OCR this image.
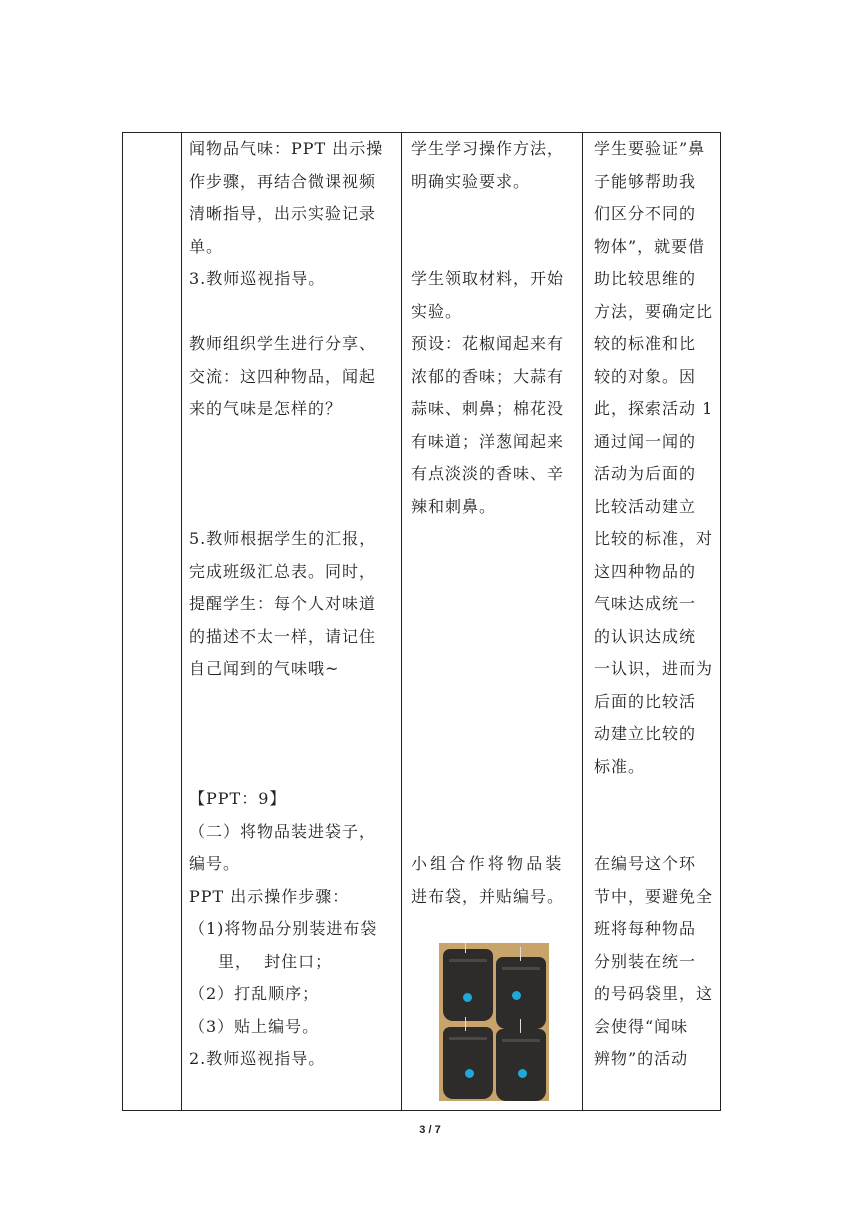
闻物品气味：PPT 出示操

作步骤，再结合微课视频

清晰指导，出示实验记录

单。

3.教师巡视指导。

教师组织学生进行分享、

交流：这四种物品，闻起

来的气味是怎样的？

5.教师根据学生的汇报，

完成班级汇总表。同时，

提醒学生：每个人对味道

的描述不太一样，请记住

自己闻到的气味哦~

【PPT：9】

（二）将物品装进袋子，

编号。

PPT 出示操作步骤：

（1)将物品分别装进布袋

里，  封住口；

（2）打乱顺序；

（3）贴上编号。

2.教师巡视指导。

学生学习操作方法，

明确实验要求。

学生领取材料，开始

实验。

预设：花椒闻起来有

浓郁的香味；大蒜有

蒜味、刺鼻；棉花没

有味道；洋葱闻起来

有点淡淡的香味、辛

辣和刺鼻。

小组合作将物品装

进布袋，并贴编号。

学生要验证”鼻

子能够帮助我

们区分不同的

物体”，就要借

助比较思维的

方法，要确定比

较的标准和比

较的对象。因

此，探索活动 1

通过闻一闻的

活动为后面的

比较活动建立

比较的标准，对

这四种物品的

气味达成统一

的认识达成统

一认识，进而为

后面的比较活

动建立比较的

标准。

在编号这个环

节中，要避免全

班将每种物品

分别装在统一

的号码袋里，这

会使得“闻味

辨物”的活动

3 / 7
